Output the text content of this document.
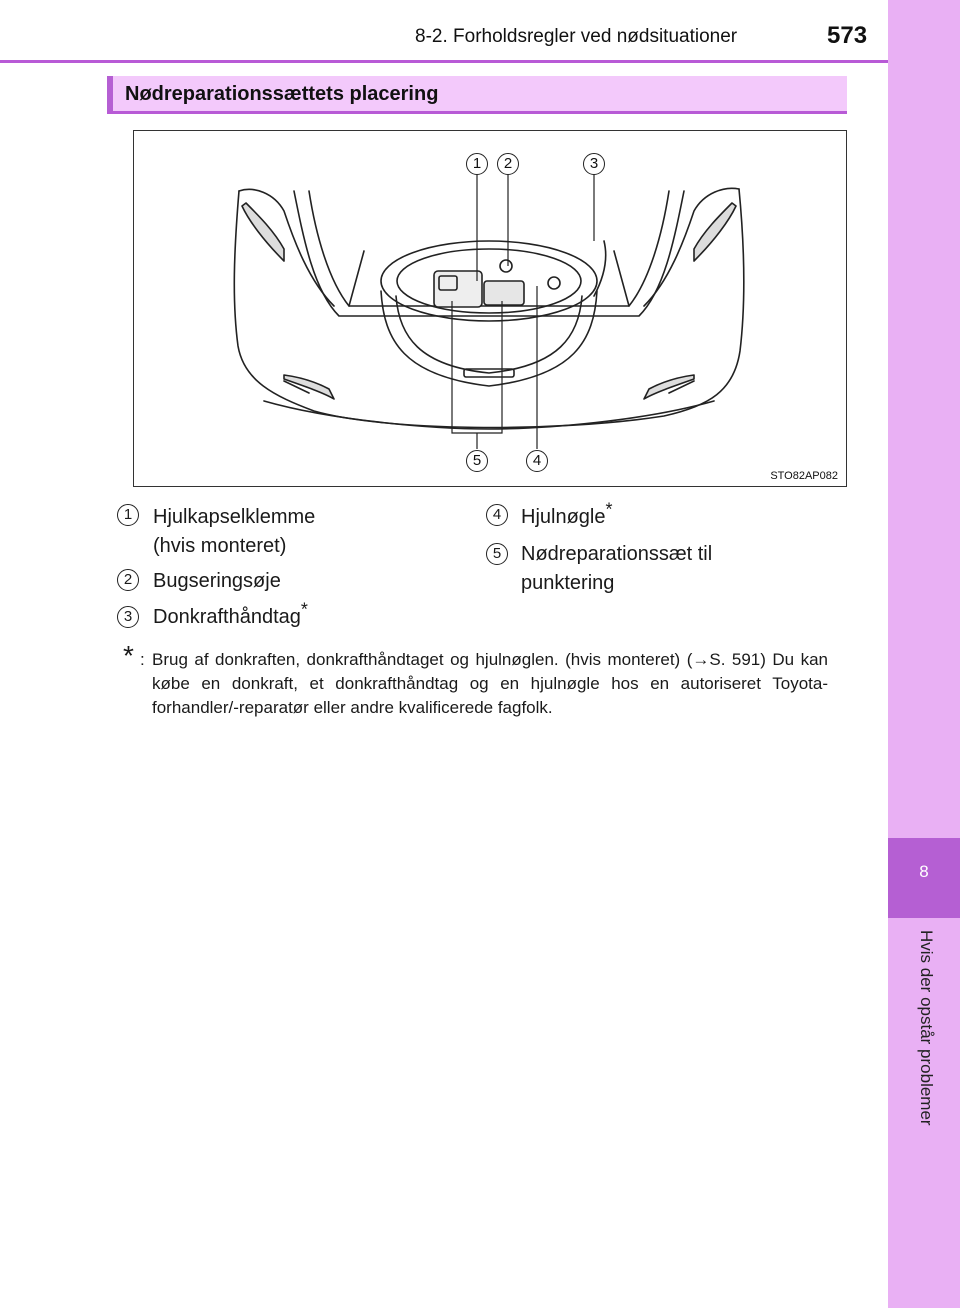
8-2. Forholdsregler ved nødsituationer	573
8
Hvis der opstår problemer
Nødreparationssættets placering
1	2	3
5	4
STO82AP082
1	Hjulkapselklemme
(hvis monteret)
2	Bugseringsøje
3	Donkrafthåndtag*
4 Hjulnøgle*
5 Nødreparationssæt til
punktering
* : Brug af donkraften, donkrafthåndtaget og hjulnøglen. (hvis monteret) (→S. 591) Du kan købe en donkraft, et donkrafthåndtag og en hjulnøgle hos en autoriseret Toyota-forhandler/-reparatør eller andre kvalificerede fagfolk.
